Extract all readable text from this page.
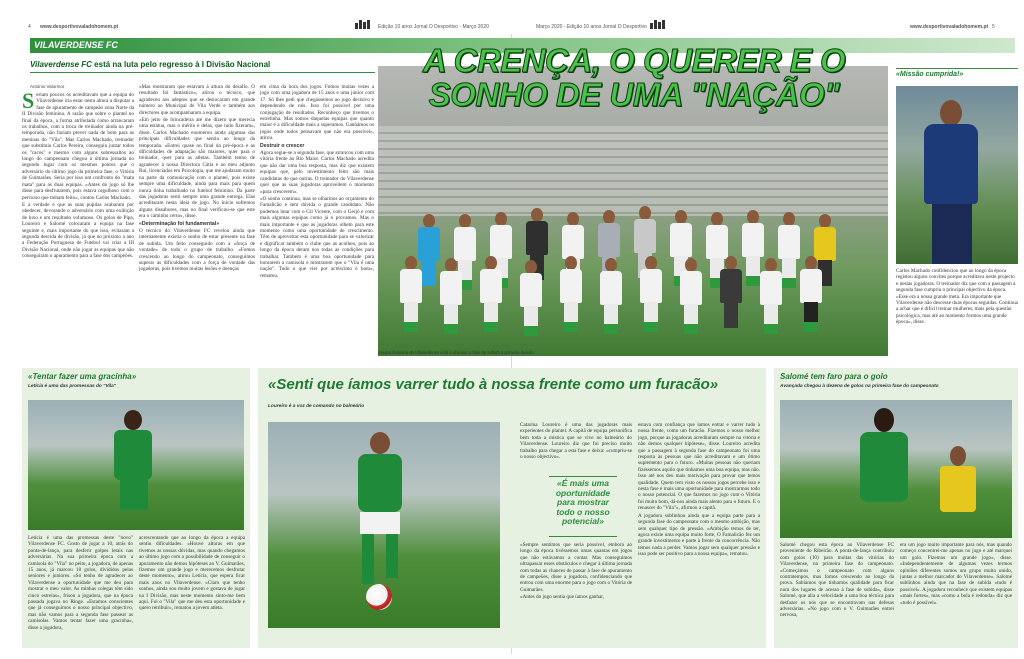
4 www.desportivovaladohomem.pt	Edição 10 anos Jornal O Desportivo - Março 2020	Março 2020 - Edição 10 anos Jornal O Desportivo	www.desportivovaladohomem.pt 5
VILAVERDENSE FC
Vilaverdense FC está na luta pelo regresso à I Divisão Nacional
António Valormor

Seriam poucos os acreditavam que a equipa do Vilaverdense iria estar nesta altura a disputar a fase de apuramento de campeão zona Norte da II Divisão feminina. A razão que sobre o plantel no final da época, a forma atribulada como arrancaram os trabalhos, com a troca de treinador ainda na pré-temporada, não faziam prever nada de bom para as meninas do "Vila". Mas Carlos Machado, treinador que substituiu Carlos Pereira, conseguiu juntar todos os "cacos" e mesmo com alguns sobressaltos ao longo do campeonato chegou à última jornada no segundo lugar com os mesmos pontos que o adversário do último jogo da primeira fase, o Vitória de Guimarães. Seria por isso um confronto do "mata mata" para as duas equipas. «Antes do jogo só lhe disse para desfrutarem, pois estava orgulhoso com o percurso que tinham feito», contou Carlos Machado.

E a verdade é que as suas pupilas acabaram por obedecer, devorando o adversário com uma exibição de luxo e um resultado volumoso. Os golos de Pipa, Loureiro e Salomé colocaram a equipa na fase seguinte e, mais importante do que isso, evitaram a segunda descida de divisão, já que no próximo a ano a Federação Portuguesa de Futebol vai criar a III Divisão Nacional, onde não jogar as equipas que não conseguiram o apuramento para a fase dos campeões.

«Mas mostraram que estavam à altura do desafio. O resultado foi fantástico», atirou o técnico, que agradeceu aos adeptos que se deslocaram em grande número ao Municipal de Vila Verde e também aos directores que acompanharam a equipa.

«Em jeito de brincadeira até me dizem que merecia uma estátua, mas o mérito é delas, que tudo fizeram», disse. Carlos Machado enumerou ainda algumas das principais dificuldades que sentiu ao longo da temporada. «Entrei quase no final da pré-época e as dificuldades de adaptação são maiores, quer para o treinador, quer para as atletas. Também tenho de agradecer à nossa Directora Cátia e ao meu adjunto Rui, licenciados em Psicologia, que me ajudaram muito na parte da comunicação com o plantel, pois existe sempre uma dificuldade, ainda para mais para quem nunca tinha trabalhado no futebol feminino. Da parte das jogadoras senti sempre uma grande entrega. Elas acreditaram nesta ideia de jogo. No início sofremos alguns dissabores, mas no final verificou-se que este era o caminho certo», disse.

«Determinação foi fundamental»

O técnico do Vilaverdense FC revelou ainda que internamente existia o sonho de estar presente na fase de subida. Um feito conseguido com a «força de vontade» de todo o grupo de trabalho. «Fomos crescendo ao longo do campeonato, conseguimos superar as dificuldades com a força de vontade das jogadoras, pois tivemos muitas lesões e doenças

em cima da hora dos jogos. Fomos muitas vezes a jogo com uma jogadora de 15 anos e uma júnior com 17. Só lhes pedi que chegássemos ao jogo decisivo e dependendo de nós. Isso foi possível por uma conjugação de resultados. Reconheço que tivemos o estrelinha. Mas somos daquelas equipas que quanto maior é a dificuldade mais a superamos. Ganhámos os jogos onde todos pensavam que não era possível», atirou.

Destruir o crescer

Agora segue-se a segunda fase, que arrancou com uma vitória frente ao Rio Maior. Carlos Machado acredita que não dar uma boa resposta, mas diz que existem equipas que, pelo investimento feito são mais candidatas do que outras. O treinador do Vilaverdense quer que as suas jogadoras aproveitem o momento «para crescerem».

«O sonho continua, mas se olharmos ao orçamento do Famalicão e sem dúvida o grande candidato. Não podemos lutar com o Gil Vicente, com o Gerjó e com mais algumas equipas como já o provamos. Mas o mais importante é que as jogadoras olhem para este momento como uma oportunidade de crescimento. Têm de aproveitar esta oportunidade para se valorizar e dignificar também o clube que as acolheu, pois ao longo da época deram nos todas as condições para trabalhar. Também é uma boa oportunidade para honrarem a camisola e mostrarem que o "Vila é uma nação". Tudo o que vier por acréscimo é bom», rematou.

Equipa feminina do Vilaverdense está a disputar a fase de subida à primeira divisão
A CRENÇA, O QUERER E O SONHO DE UMA "NAÇÃO"
«Missão cumprida!»
Carlos Machado confidenciou que ao longo da época registou alguns convites porque acreditava neste projecto e nestas jogadoras. O treinador diz que com a passagem à segunda fase cumpriu o principal objectivo da época. «Esse era a nossa grande meta. Era importante que Vilaverdense não descesse duas épocas seguidas. Continua a achar que é difícil treinar mulheres, mais pela questão psicológica, mas até ao momento formos uma grande época», disse.
«Tentar fazer uma gracinha»
Letícia é uma das promessas do "Vila"
Letícia é uma das promessas deste "novo" Vilaverdense FC. Gosto de jogar a 10, atrás do ponta-de-lança, para desferir golpes letais nas adversárias. Na sua primeira época com a camisola do "Vila" no peito, a jogadora, de apenas 15 anos, já marcou 18 golos, divididos pelas seniores e juniores. «Só tenho de agradecer ao Vilaverdense a oportunidade que me deu para mostrar o meu valor. As minhas colegas têm sido cinco estrelas», frisou a jogadora, que na época passada jogava no Ringe. «Estamos conscientes que já conseguimos o nosso principal objectivo, mas não vamos para a segunda fase passear as camisolas. Vamos tentar fazer uma gracinha», disse a jogadora,
acrescentando que ao longo da época a equipa sentiu dificuldades. «Houve alturas em que tivemos as nossas dúvidas, mas quando chegamos ao último jogo com a possibilidade de conseguir o apuramento não demos hipóteses ao V. Guimarães, fizemos um grande jogo e merecemos desfrutar deste momento», atirou Letícia, que espera ficar mais anos no Vilaverdense. «Claro que tenho sonhos, ainda sou muito jovem e gostava de jogar na I Divisão, mas neste momento sinto-me bem aqui. Foi o "Vila" que me deu esta oportunidade e quero retribuir», rematou a jovem atleta.
«Senti que íamos varrer tudo à nossa frente como um furacão»
Loureiro é a voz de comando no balneário
Catarina Loureiro é uma das jogadoras mais experientes do plantel. A capitã de equipa personifica bem toda a mística que se vive no balneário do Vilaverdense. Loureiro diz que foi preciso muito trabalho para chegar a esta fase e deixa: «cumpriu-se o nosso objectivo».
«É mais uma oportunidade para mostrar todo o nosso potencial»

«Sempre sentimos que seria possível, embora ao longo da época tivéssemos umas quantas em jogos que não estávamos a contar. Mas conseguimos ultrapassar esses obstáculos e chegar à última jornada com todas as chances de passar à fase de apuramento de campeões, disse a jogadora, confidenciando que entrou com uma enorme para o jogo com o Vitória de Guimarães.

«Antes do jogo sentia que íamos ganhar,

estava com confiança que íamos entrar e varrer tudo à nossa frente, como um furacão. Fizemos o nosso melhor jogo, porque as jogadoras acreditaram sempre na vitória e não demos qualquer hipótese», disse. Loureiro acredita que a passagem à segunda fase do campeonato foi uma resposta às pessoas que não acreditavam e um ótimo suplemento para o futuro. «Muitas pessoas não queriam fizéssemos aquilo que tínhamos uma boa equipa, mas não. Isso até nos deu mais motivação para provar que temos qualidade. Quem tem visto os nossos jogos percebe isso e nesta fase é mais uma oportunidade para mostrarmos todo o nosso potencial. O que fazemos no jogo com o Vitória foi muito bom, dá-nos ainda mais alento para o futuro. E o renascer do "Vila"», afirmou a capitã.

A jogadora sublinhou ainda que a equipa parte para a segunda fase do campeonato com o mesmo ambição, mas sem qualquer tipo de pressão. «Ambição temos de ter, agora existe uma equipa muito forte, O Famalicão fez um grande investimento e parte à frente da concorrência. Não temos nada a perder. Vamos jogar sem qualquer pressão e isso pode ser positivo para a nossa equipa», rematou.

Salomé tem faro para o golo
Avançada chegou à dezena de golos na primeira fase do campeonato
Salomé chegou esta época ao Vilaverdense FC proveniente do Ribeirão. A ponta-de-lança contribuiu com golos (10) para muitas das vitórias do Vilaverdense, na primeira fase do campeonato. «Começámos o campeonato com alguns contratempos, mas fomos crescendo ao longo da prova. Sabíamos que tínhamos qualidade para ficar num dos lugares de acesso à fase de subida», disse Salomé, que alia a velocidade a uma boa técnica para desfazer os nós que se encontravam nas defesas adversárias. «No jogo com o V. Guimarães entrei nervosa,
era um jogo muito importante para nós, mas quando começo concentrei-me apenas no jogo e até marquei um golo. Fizemos um grande jogo», disse. «Independentemente de algumas vezes termos opiniões diferentes somos um grupo muito unido, juntas a melhor marcador do Vilaverdense». Salomé sublinhou ainda que na fase de subida «tudo é possível». A jogadora reconhece que existem equipas «mais fortes», mas «como a bola é redonda» diz que «tudo é possível».
